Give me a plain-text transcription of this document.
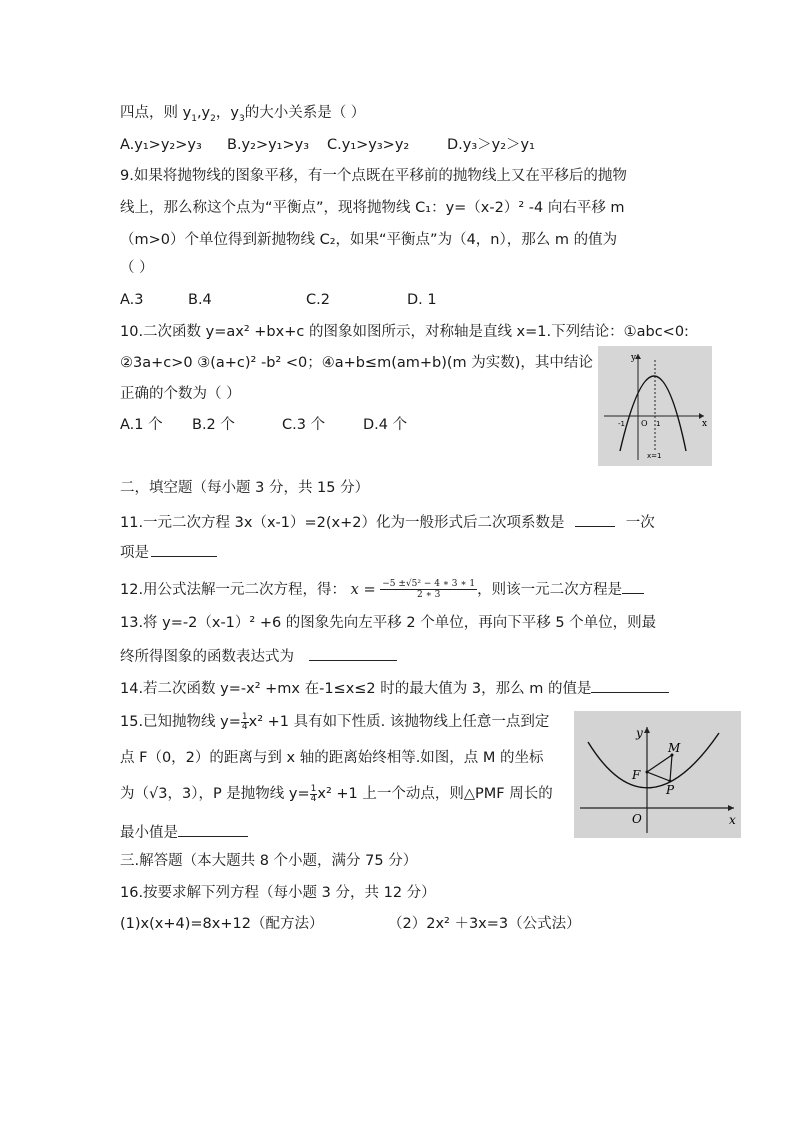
四点，则 $y_1,y_2$，$y_3$的大小关系是（ ）
A.y₁>y₂>y₃ B.y₂>y₁>y₃ C.y₁>y₃>y₂	D.y₃＞y₂＞y₁
9.如果将抛物线的图象平移，有一个点既在平移前的抛物线上又在平移后的抛物
线上，那么称这个点为“平衡点”，现将抛物线 C₁：y=（x-2）² -4 向右平移 m
（m>0）个单位得到新抛物线 C₂，如果“平衡点”为（4，n），那么 m 的值为
（ ）
A.3	B.4	C.2	D. 1
10.二次函数 y=ax² +bx+c 的图象如图所示，对称轴是直线 x=1.下列结论：①abc<0:
②3a+c>0 ③(a+c)² -b² <0；④a+b≤m(am+b)(m 为实数)，其中结论
正确的个数为（ ）
A.1 个 B.2 个	C.3 个	D.4 个
y
x
O
-1	1
x=1
二，填空题（每小题 3 分，共 15 分）
11.一元二次方程 3x（x-1）=2(x+2）化为一般形式后二次项系数是	一次
项是
12.用公式法解一元二次方程，得： $x = \frac{\text{−5 ±√5² − 4 ∗ 3 ∗ 1}}{2 ∗ 3}$ ，则该一元二次方程是
13.将 y=-2（x-1）² +6 的图象先向左平移 2 个单位，再向下平移 5 个单位，则最
终所得图象的函数表达式为
14.若二次函数 y=-x² +mx 在-1≤x≤2 时的最大值为 3，那么 m 的值是
15.已知抛物线 $y= \frac{1}{4} x^2 +1$ 具有如下性质. 该抛物线上任意一点到定
点 F（0，2）的距离与到 x 轴的距离始终相等.如图，点 M 的坐标
为（√3，3），P 是抛物线 $y= \frac{1}{4} x^2 +1$ 上一个动点，则△PMF 周长的
最小值是
y
x
O
F
M
P
三.解答题（本大题共 8 个小题，满分 75 分）
16.按要求解下列方程（每小题 3 分，共 12 分）
(1)x(x+4)=8x+12（配方法）	（2）2x² ＋3x=3（公式法）
